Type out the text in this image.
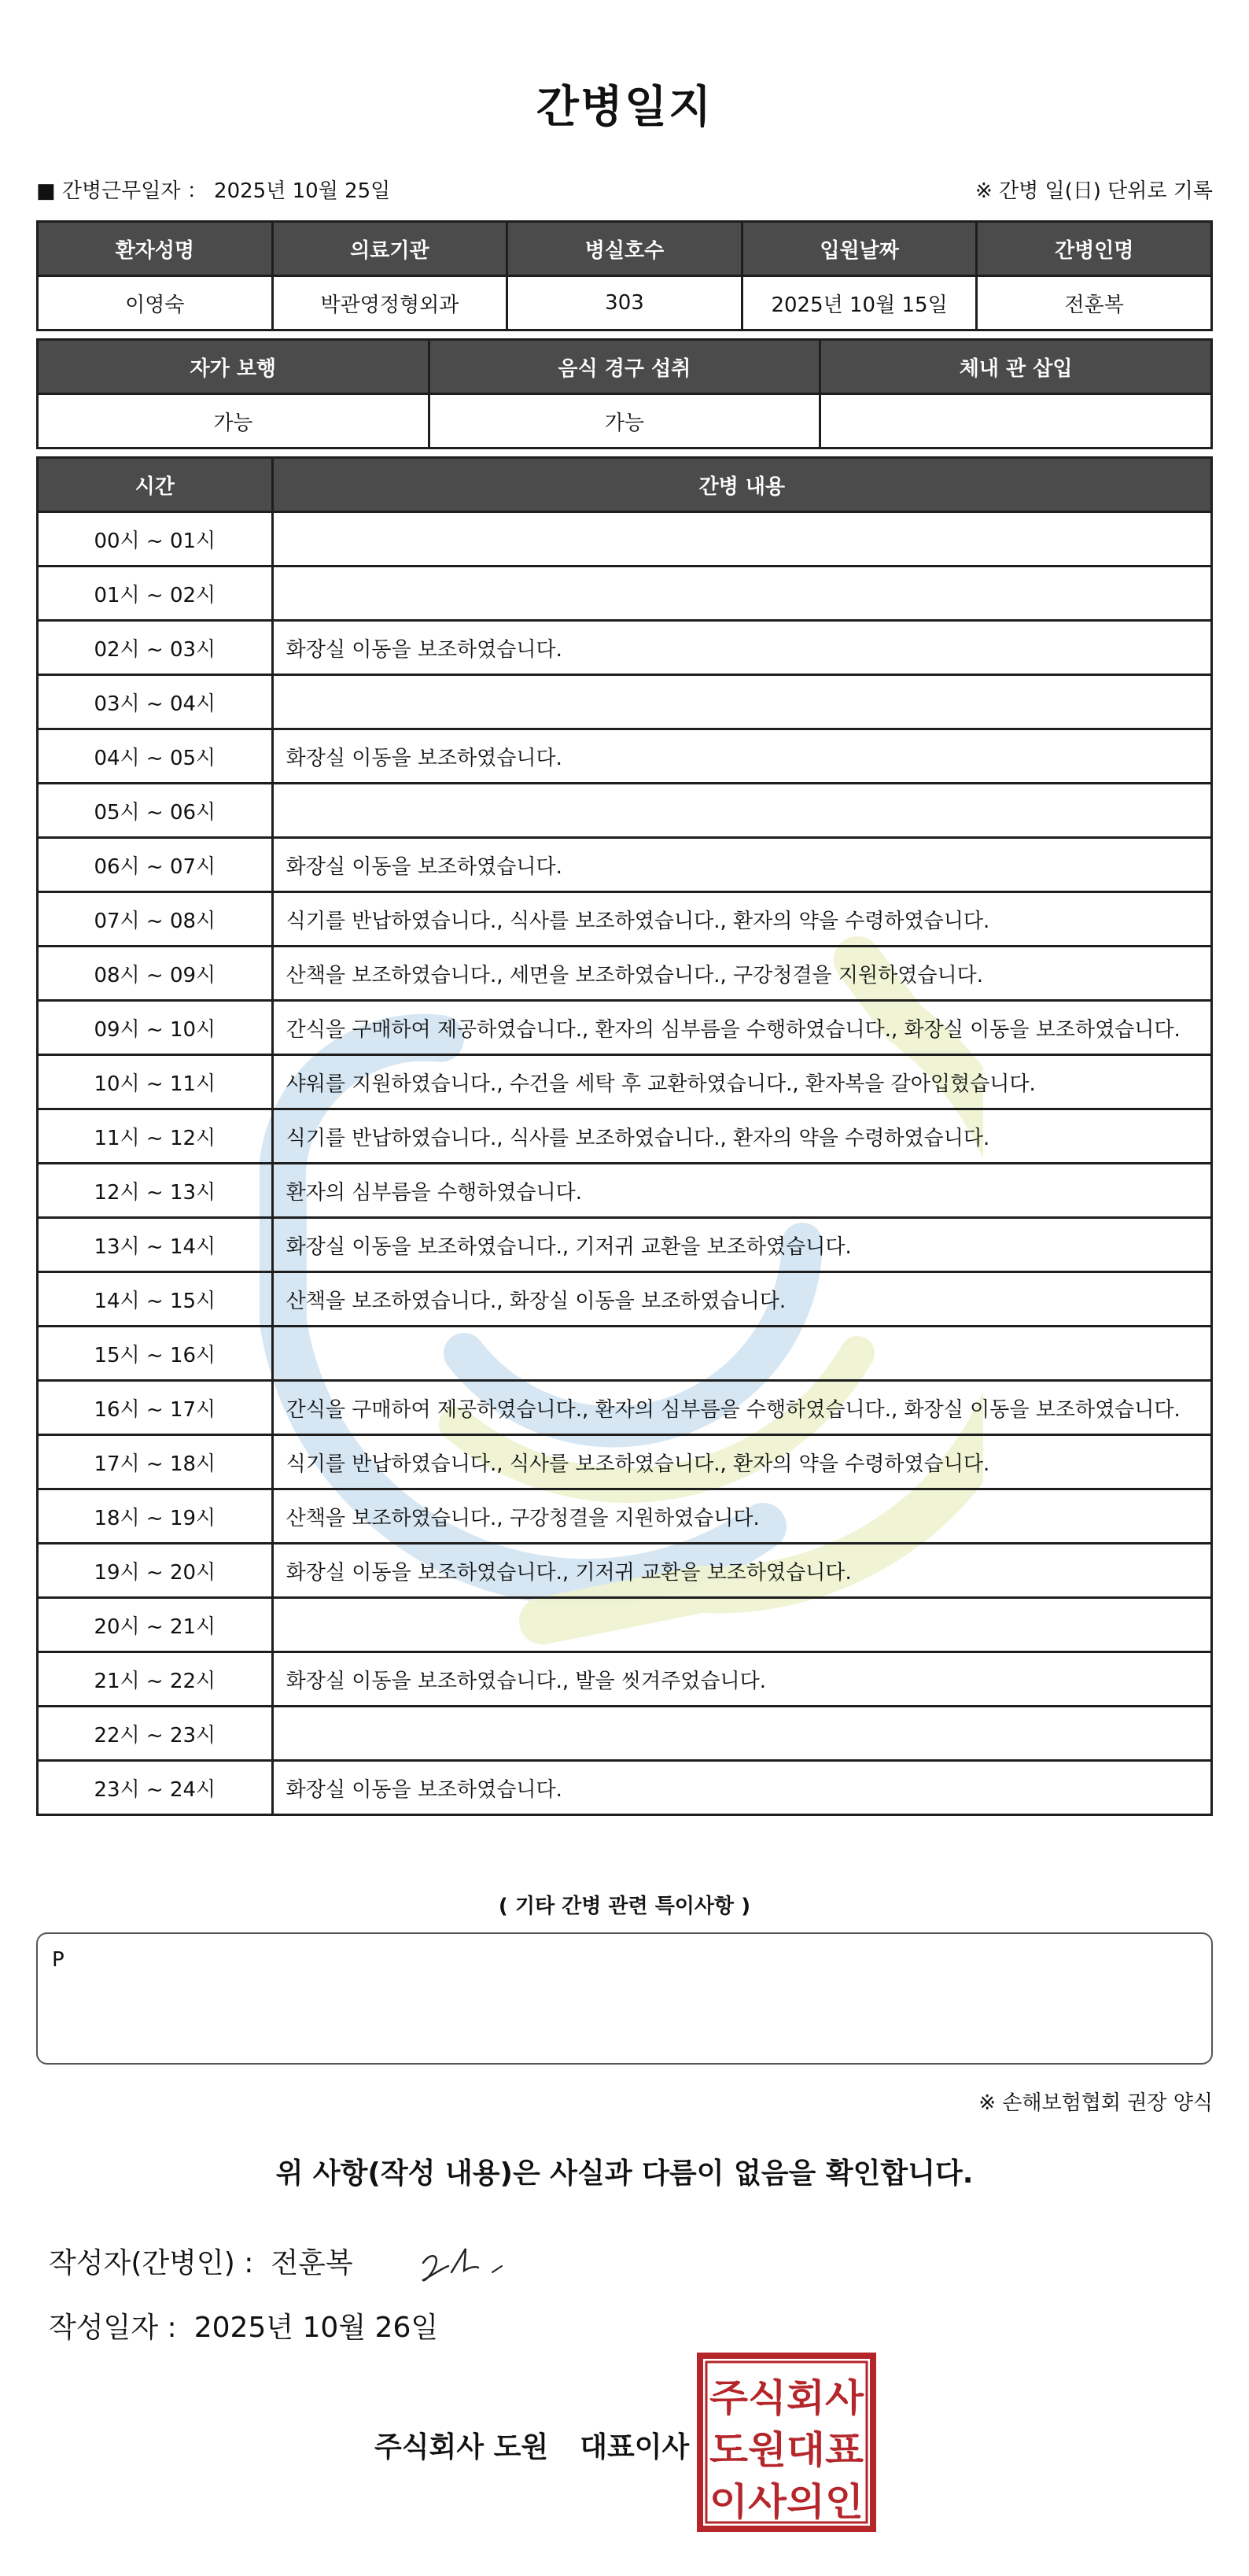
간병일지
■ 간병근무일자 ： 2025년 10월 25일	※ 간병 일(日) 단위로 기록
환자성명	의료기관	병실호수	입원날짜	간병인명
이영숙	박관영정형외과	303	2025년 10월 15일	전훈복
자가 보행	음식 경구 섭취	체내 관 삽입
가능	가능	
시간	간병 내용
00시 ~ 01시	
01시 ~ 02시	
02시 ~ 03시	화장실 이동을 보조하였습니다.
03시 ~ 04시	
04시 ~ 05시	화장실 이동을 보조하였습니다.
05시 ~ 06시	
06시 ~ 07시	화장실 이동을 보조하였습니다.
07시 ~ 08시	식기를 반납하였습니다., 식사를 보조하였습니다., 환자의 약을 수령하였습니다.
08시 ~ 09시	산책을 보조하였습니다., 세면을 보조하였습니다., 구강청결을 지원하였습니다.
09시 ~ 10시	간식을 구매하여 제공하였습니다., 환자의 심부름을 수행하였습니다., 화장실 이동을 보조하였습니다.
10시 ~ 11시	샤워를 지원하였습니다., 수건을 세탁 후 교환하였습니다., 환자복을 갈아입혔습니다.
11시 ~ 12시	식기를 반납하였습니다., 식사를 보조하였습니다., 환자의 약을 수령하였습니다.
12시 ~ 13시	환자의 심부름을 수행하였습니다.
13시 ~ 14시	화장실 이동을 보조하였습니다., 기저귀 교환을 보조하였습니다.
14시 ~ 15시	산책을 보조하였습니다., 화장실 이동을 보조하였습니다.
15시 ~ 16시	
16시 ~ 17시	간식을 구매하여 제공하였습니다., 환자의 심부름을 수행하였습니다., 화장실 이동을 보조하였습니다.
17시 ~ 18시	식기를 반납하였습니다., 식사를 보조하였습니다., 환자의 약을 수령하였습니다.
18시 ~ 19시	산책을 보조하였습니다., 구강청결을 지원하였습니다.
19시 ~ 20시	화장실 이동을 보조하였습니다., 기저귀 교환을 보조하였습니다.
20시 ~ 21시	
21시 ~ 22시	화장실 이동을 보조하였습니다., 발을 씻겨주었습니다.
22시 ~ 23시	
23시 ~ 24시	화장실 이동을 보조하였습니다.
( 기타 간병 관련 특이사항 )
P
※ 손해보험협회 권장 양식
위 사항(작성 내용)은 사실과 다름이 없음을 확인합니다.
작성자(간병인) : 전훈복
작성일자 : 2025년 10월 26일
주식회사 도원 대표이사
주식회사
도원대표
이사의인
